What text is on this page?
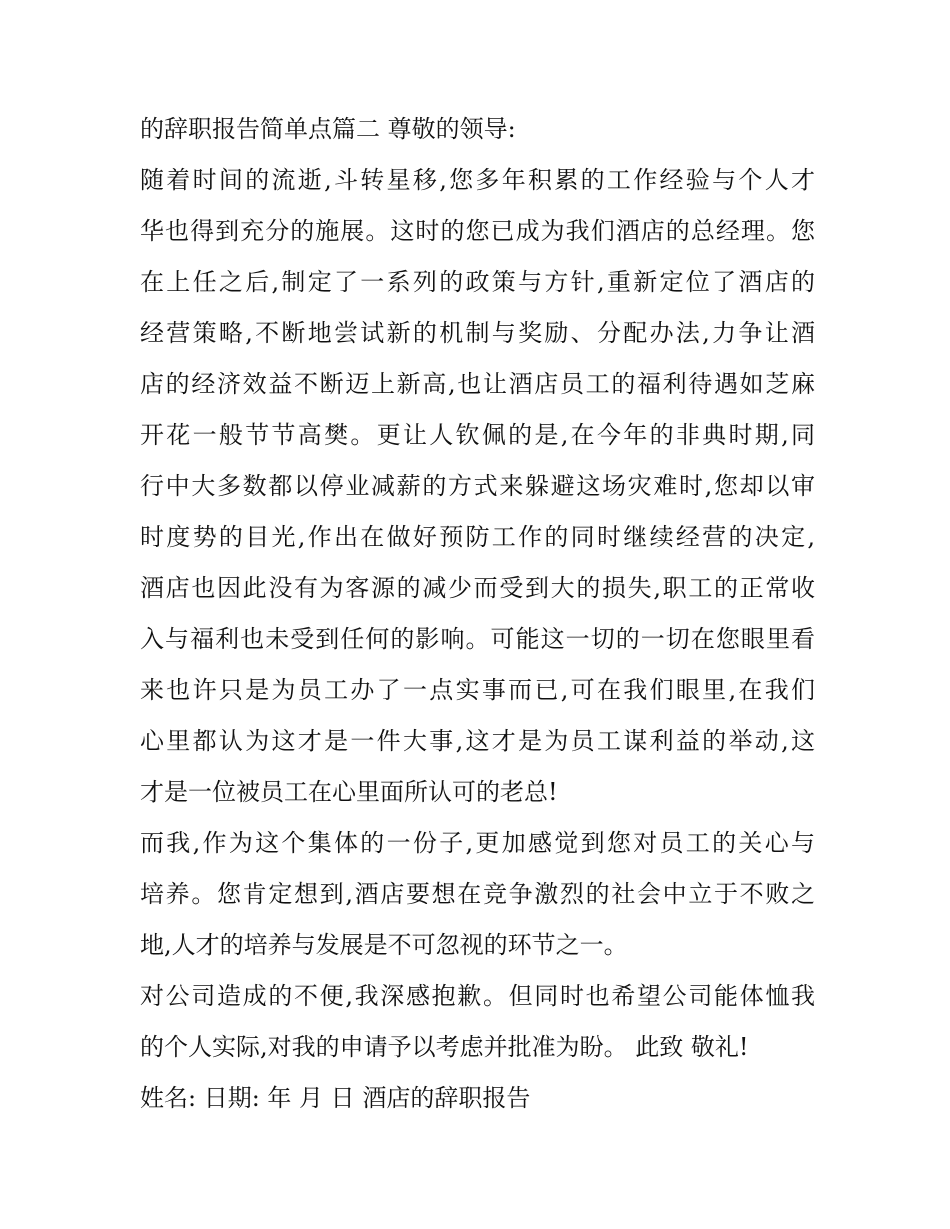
的辞职报告简单点篇二 尊敬的领导:
随着时间的流逝,斗转星移,您多年积累的工作经验与个人才
华也得到充分的施展。这时的您已成为我们酒店的总经理。您
在上任之后,制定了一系列的政策与方针,重新定位了酒店的
经营策略,不断地尝试新的机制与奖励、分配办法,力争让酒
店的经济效益不断迈上新高,也让酒店员工的福利待遇如芝麻
开花一般节节高樊。更让人钦佩的是,在今年的非典时期,同
行中大多数都以停业减薪的方式来躲避这场灾难时,您却以审
时度势的目光,作出在做好预防工作的同时继续经营的决定,
酒店也因此没有为客源的减少而受到大的损失,职工的正常收
入与福利也未受到任何的影响。可能这一切的一切在您眼里看
来也许只是为员工办了一点实事而已,可在我们眼里,在我们
心里都认为这才是一件大事,这才是为员工谋利益的举动,这
才是一位被员工在心里面所认可的老总!
而我,作为这个集体的一份子,更加感觉到您对员工的关心与
培养。您肯定想到,酒店要想在竞争激烈的社会中立于不败之
地,人才的培养与发展是不可忽视的环节之一。
对公司造成的不便,我深感抱歉。但同时也希望公司能体恤我
的个人实际,对我的申请予以考虑并批准为盼。 此致 敬礼!
姓名: 日期: 年 月 日 酒店的辞职报告
